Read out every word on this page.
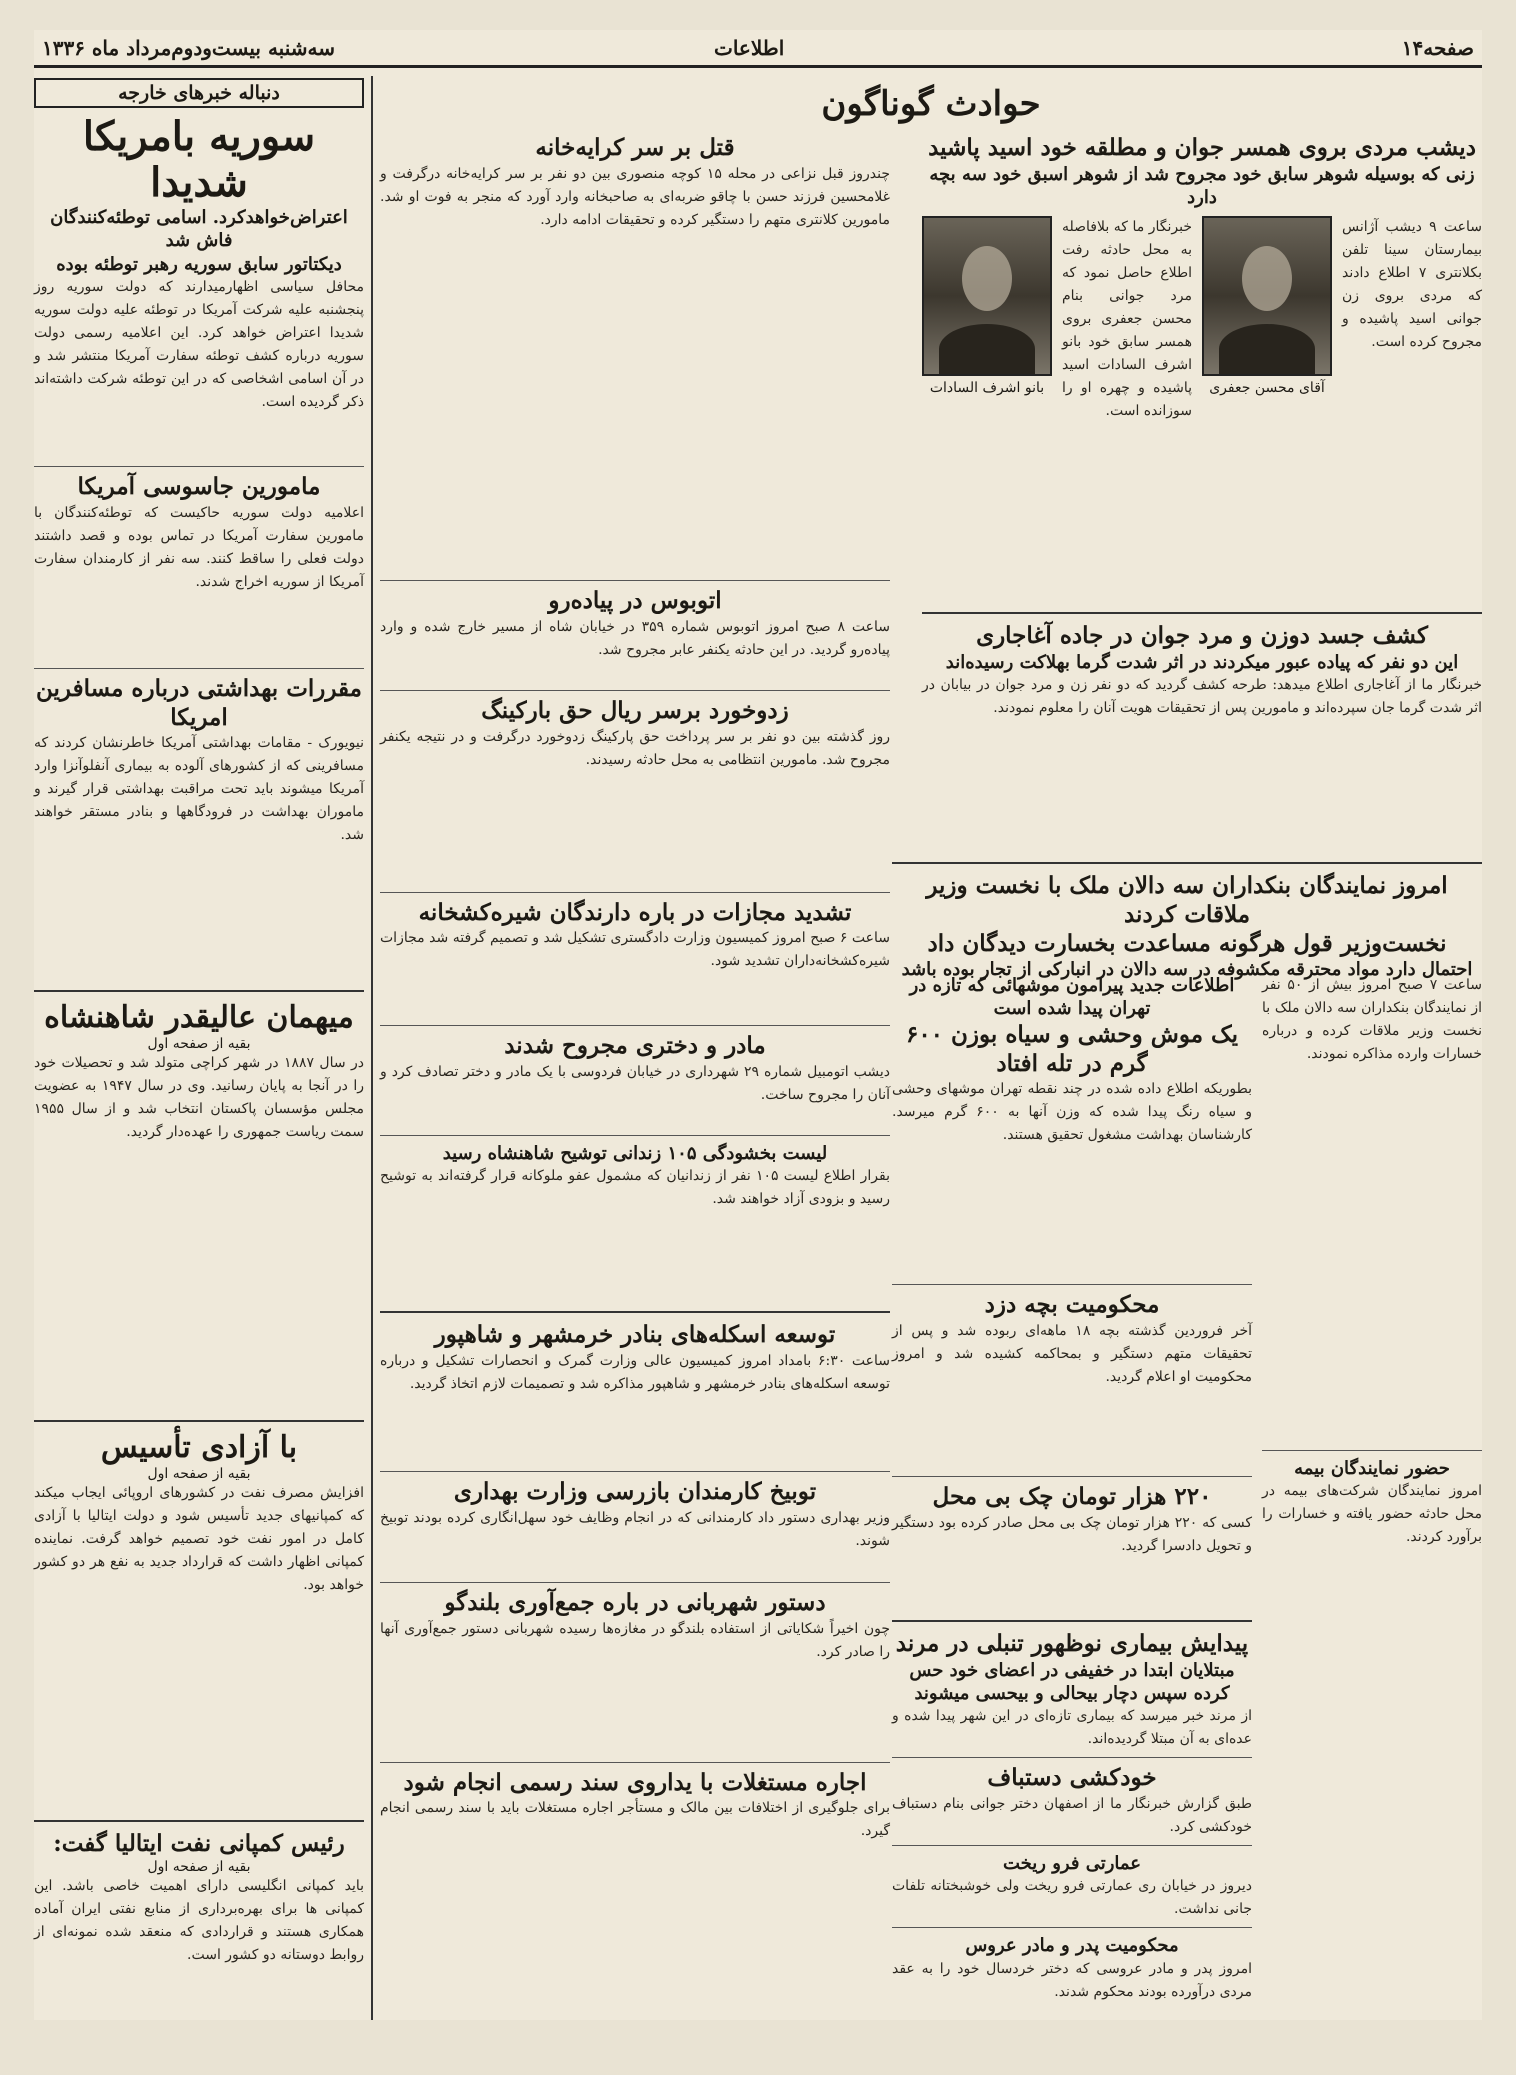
صفحه۱۴
اطلاعات
سه‌شنبه بیست‌ودوم‌مرداد ماه ۱۳۳۶
دنباله خبرهای خارجه
سوریه بامریکا شدیدا
اعتراض‌خواهدکرد. اسامی توطئه‌کنندگان فاش شد
دیکتاتور سابق سوریه رهبر توطئه بوده
محافل سیاسی اظهارمیدارند که دولت سوریه روز پنجشنبه علیه شرکت آمریکا در توطئه علیه دولت سوریه شدیدا اعتراض خواهد کرد. این اعلامیه رسمی دولت سوریه درباره کشف توطئه سفارت آمریکا منتشر شد و در آن اسامی اشخاصی که در این توطئه شرکت داشته‌اند ذکر گردیده است.
مامورین جاسوسی آمریکا
اعلامیه دولت سوریه حاکیست که توطئه‌کنندگان با مامورین سفارت آمریکا در تماس بوده و قصد داشتند دولت فعلی را ساقط کنند. سه نفر از کارمندان سفارت آمریکا از سوریه اخراج شدند.
مقررات بهداشتی درباره مسافرین امریکا
نیویورک - مقامات بهداشتی آمریکا خاطرنشان کردند که مسافرینی که از کشورهای آلوده به بیماری آنفلوآنزا وارد آمریکا میشوند باید تحت مراقبت بهداشتی قرار گیرند و ماموران بهداشت در فرودگاهها و بنادر مستقر خواهند شد.
میهمان عالیقدر شاهنشاه
بقیه از صفحه اول
در سال ۱۸۸۷ در شهر کراچی متولد شد و تحصیلات خود را در آنجا به پایان رسانید. وی در سال ۱۹۴۷ به عضویت مجلس مؤسسان پاکستان انتخاب شد و از سال ۱۹۵۵ سمت ریاست جمهوری را عهده‌دار گردید.
با آزادی تأسیس
بقیه از صفحه اول
افزایش مصرف نفت در کشورهای اروپائی ایجاب میکند که کمپانیهای جدید تأسیس شود و دولت ایتالیا با آزادی کامل در امور نفت خود تصمیم خواهد گرفت. نماینده کمپانی اظهار داشت که قرارداد جدید به نفع هر دو کشور خواهد بود.
رئیس کمپانی نفت ایتالیا گفت:
بقیه از صفحه اول
باید کمپانی انگلیسی دارای اهمیت خاصی باشد. این کمپانی ها برای بهره‌برداری از منابع نفتی ایران آماده همکاری هستند و قراردادی که منعقد شده نمونه‌ای از روابط دوستانه دو کشور است.
حوادث گوناگون
دیشب مردی بروی همسر جوان و مطلقه خود اسید پاشید
زنی که بوسیله شوهر سابق خود مجروح شد از شوهر اسبق خود سه بچه دارد
ساعت ۹ دیشب آژانس بیمارستان سینا تلفن بکلانتری ۷ اطلاع دادند که مردی بروی زن جوانی اسید پاشیده و مجروح کرده است.
آقای محسن جعفری
خبرنگار ما که بلافاصله به محل حادثه رفت اطلاع حاصل نمود که مرد جوانی بنام محسن جعفری بروی همسر سابق خود بانو اشرف السادات اسید پاشیده و چهره او را سوزانده است.
بانو اشرف السادات
قتل بر سر کرایه‌خانه
چندروز قبل نزاعی در محله ۱۵ کوچه منصوری بین دو نفر بر سر کرایه‌خانه درگرفت و غلامحسین فرزند حسن با چاقو ضربه‌ای به صاحبخانه وارد آورد که منجر به فوت او شد. مامورین کلانتری متهم را دستگیر کرده و تحقیقات ادامه دارد.
کشف جسد دوزن و مرد جوان در جاده آغاجاری
این دو نفر که پیاده عبور میکردند در اثر شدت گرما بهلاکت رسیده‌اند
خبرنگار ما از آغاجاری اطلاع میدهد: طرحه کشف گردید که دو نفر زن و مرد جوان در بیابان در اثر شدت گرما جان سپرده‌اند و مامورین پس از تحقیقات هویت آنان را معلوم نمودند.
اتوبوس در پیاده‌رو
ساعت ۸ صبح امروز اتوبوس شماره ۳۵۹ در خیابان شاه از مسیر خارج شده و وارد پیاده‌رو گردید. در این حادثه یکنفر عابر مجروح شد.
زدوخورد برسر ریال حق بارکینگ
روز گذشته بین دو نفر بر سر پرداخت حق پارکینگ زدوخورد درگرفت و در نتیجه یکنفر مجروح شد. مامورین انتظامی به محل حادثه رسیدند.
تشدید مجازات در باره دارندگان شیره‌کشخانه
ساعت ۶ صبح امروز کمیسیون وزارت دادگستری تشکیل شد و تصمیم گرفته شد مجازات شیره‌کشخانه‌داران تشدید شود.
مادر و دختری مجروح شدند
دیشب اتومبیل شماره ۲۹ شهرداری در خیابان فردوسی با یک مادر و دختر تصادف کرد و آنان را مجروح ساخت.
لیست بخشودگی ۱۰۵ زندانی توشیح شاهنشاه رسید
بقرار اطلاع لیست ۱۰۵ نفر از زندانیان که مشمول عفو ملوکانه قرار گرفته‌اند به توشیح رسید و بزودی آزاد خواهند شد.
توسعه اسکله‌های بنادر خرمشهر و شاهپور
ساعت ۶:۳۰ بامداد امروز کمیسیون عالی وزارت گمرک و انحصارات تشکیل و درباره توسعه اسکله‌های بنادر خرمشهر و شاهپور مذاکره شد و تصمیمات لازم اتخاذ گردید.
توبیخ کارمندان بازرسی وزارت بهداری
وزیر بهداری دستور داد کارمندانی که در انجام وظایف خود سهل‌انگاری کرده بودند توبیخ شوند.
دستور شهربانی در باره جمع‌آوری بلندگو
چون اخیراً شکایاتی از استفاده بلندگو در مغازه‌ها رسیده شهربانی دستور جمع‌آوری آنها را صادر کرد.
اجاره مستغلات با یداروی سند رسمی انجام شود
برای جلوگیری از اختلافات بین مالک و مستأجر اجاره مستغلات باید با سند رسمی انجام گیرد.
امروز نمایندگان بنکداران سه دالان ملک با نخست وزیر ملاقات کردند
نخست‌وزیر قول هرگونه مساعدت بخسارت دیدگان داد
احتمال دارد مواد محترقه مکشوفه در سه دالان در انبارکی از تجار بوده باشد
ساعت ۷ صبح امروز بیش از ۵۰ نفر از نمایندگان بنکداران سه دالان ملک با نخست وزیر ملاقات کرده و درباره خسارات وارده مذاکره نمودند.
حضور نمایندگان بیمه
امروز نمایندگان شرکت‌های بیمه در محل حادثه حضور یافته و خسارات را برآورد کردند.
اطلاعات جدید پیرامون موشهائی که تازه در تهران پیدا شده است
یک موش وحشی و سیاه بوزن ۶۰۰ گرم در تله افتاد
بطوریکه اطلاع داده شده در چند نقطه تهران موشهای وحشی و سیاه رنگ پیدا شده که وزن آنها به ۶۰۰ گرم میرسد. کارشناسان بهداشت مشغول تحقیق هستند.
محکومیت بچه دزد
آخر فروردین گذشته بچه ۱۸ ماهه‌ای ربوده شد و پس از تحقیقات متهم دستگیر و بمحاکمه کشیده شد و امروز محکومیت او اعلام گردید.
۲۲۰ هزار تومان چک بی محل
کسی که ۲۲۰ هزار تومان چک بی محل صادر کرده بود دستگیر و تحویل دادسرا گردید.
پیدایش بیماری نوظهور تنبلی در مرند
مبتلایان ابتدا در خفیفی در اعضای خود حس کرده سپس دچار بیحالی و بیحسی میشوند
از مرند خبر میرسد که بیماری تازه‌ای در این شهر پیدا شده و عده‌ای به آن مبتلا گردیده‌اند.
خودکشی دستباف
طبق گزارش خبرنگار ما از اصفهان دختر جوانی بنام دستباف خودکشی کرد.
عمارتی فرو ریخت
دیروز در خیابان ری عمارتی فرو ریخت ولی خوشبختانه تلفات جانی نداشت.
محکومیت پدر و مادر عروس
امروز پدر و مادر عروسی که دختر خردسال خود را به عقد مردی درآورده بودند محکوم شدند.
